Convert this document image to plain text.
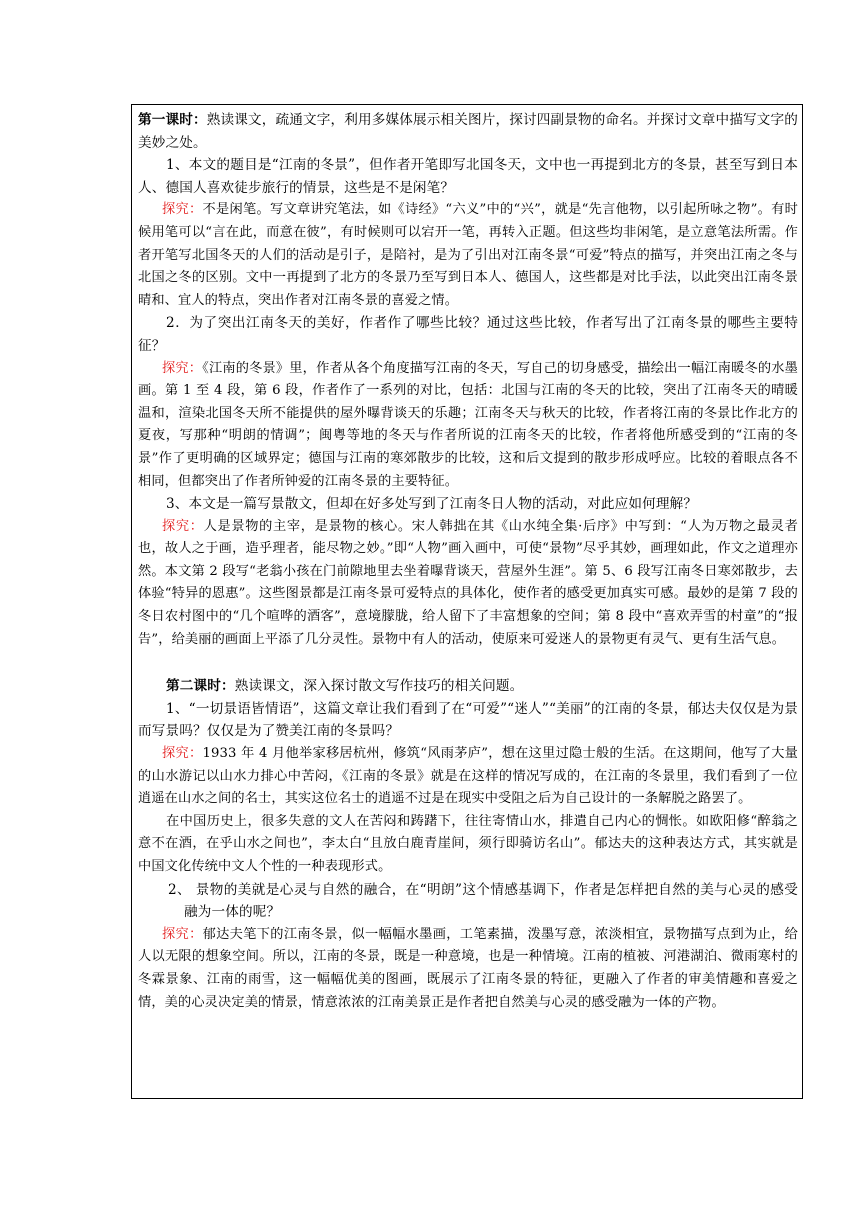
第一课时：熟读课文，疏通文字，利用多媒体展示相关图片，探讨四副景物的命名。并探讨文章中描写文字的美妙之处。

1、本文的题目是“江南的冬景”，但作者开笔即写北国冬天，文中也一再提到北方的冬景，甚至写到日本人、德国人喜欢徒步旅行的情景，这些是不是闲笔？

探究：不是闲笔。写文章讲究笔法，如《诗经》“六义”中的“兴”，就是“先言他物，以引起所咏之物”。有时候用笔可以“言在此，而意在彼”，有时候则可以宕开一笔，再转入正题。但这些均非闲笔，是立意笔法所需。作者开笔写北国冬天的人们的活动是引子，是陪衬，是为了引出对江南冬景“可爱”特点的描写，并突出江南之冬与北国之冬的区别。文中一再提到了北方的冬景乃至写到日本人、德国人，这些都是对比手法，以此突出江南冬景晴和、宜人的特点，突出作者对江南冬景的喜爱之情。

2．为了突出江南冬天的美好，作者作了哪些比较？通过这些比较，作者写出了江南冬景的哪些主要特征？

探究：《江南的冬景》里，作者从各个角度描写江南的冬天，写自己的切身感受，描绘出一幅江南暖冬的水墨画。第 1 至 4 段，第 6 段，作者作了一系列的对比，包括：北国与江南的冬天的比较，突出了江南冬天的晴暖温和，渲染北国冬天所不能提供的屋外曝背谈天的乐趣；江南冬天与秋天的比较，作者将江南的冬景比作北方的夏夜，写那种“明朗的情调”；闽粤等地的冬天与作者所说的江南冬天的比较，作者将他所感受到的“江南的冬景”作了更明确的区域界定；德国与江南的寒郊散步的比较，这和后文提到的散步形成呼应。比较的着眼点各不相同，但都突出了作者所钟爱的江南冬景的主要特征。

3、本文是一篇写景散文，但却在好多处写到了江南冬日人物的活动，对此应如何理解？

探究：人是景物的主宰，是景物的核心。宋人韩拙在其《山水纯全集·后序》中写到：“人为万物之最灵者也，故人之于画，造乎理者，能尽物之妙。”即“人物”画入画中，可使“景物”尽乎其妙，画理如此，作文之道理亦然。本文第 2 段写“老翁小孩在门前隙地里去坐着曝背谈天，营屋外生涯”。第 5、6 段写江南冬日寒郊散步，去体验“特异的恩惠”。这些图景都是江南冬景可爱特点的具体化，使作者的感受更加真实可感。最妙的是第 7 段的冬日农村图中的“几个喧哗的酒客”，意境朦胧，给人留下了丰富想象的空间；第 8 段中“喜欢弄雪的村童”的“报告”，给美丽的画面上平添了几分灵性。景物中有人的活动，使原来可爱迷人的景物更有灵气、更有生活气息。

第二课时：熟读课文，深入探讨散文写作技巧的相关问题。

1、“一切景语皆情语”，这篇文章让我们看到了在“可爱”“迷人”“美丽”的江南的冬景，郁达夫仅仅是为景而写景吗？仅仅是为了赞美江南的冬景吗？

探究：1933 年 4 月他举家移居杭州，修筑“风雨茅庐”，想在这里过隐士般的生活。在这期间，他写了大量的山水游记以山水力排心中苦闷，《江南的冬景》就是在这样的情况写成的，在江南的冬景里，我们看到了一位逍遥在山水之间的名士，其实这位名士的逍遥不过是在现实中受阻之后为自己设计的一条解脱之路罢了。

在中国历史上，很多失意的文人在苦闷和踌躇下，往往寄情山水，排遣自己内心的惆怅。如欧阳修“醉翁之意不在酒，在乎山水之间也”，李太白“且放白鹿青崖间，须行即骑访名山”。郁达夫的这种表达方式，其实就是中国文化传统中文人个性的一种表现形式。

2、 景物的美就是心灵与自然的融合，在“明朗”这个情感基调下，作者是怎样把自然的美与心灵的感受融为一体的呢？

探究：郁达夫笔下的江南冬景，似一幅幅水墨画，工笔素描，泼墨写意，浓淡相宜，景物描写点到为止，给人以无限的想象空间。所以，江南的冬景，既是一种意境，也是一种情境。江南的植被、河港湖泊、微雨寒村的冬霖景象、江南的雨雪，这一幅幅优美的图画，既展示了江南冬景的特征，更融入了作者的审美情趣和喜爱之情，美的心灵决定美的情景，情意浓浓的江南美景正是作者把自然美与心灵的感受融为一体的产物。
